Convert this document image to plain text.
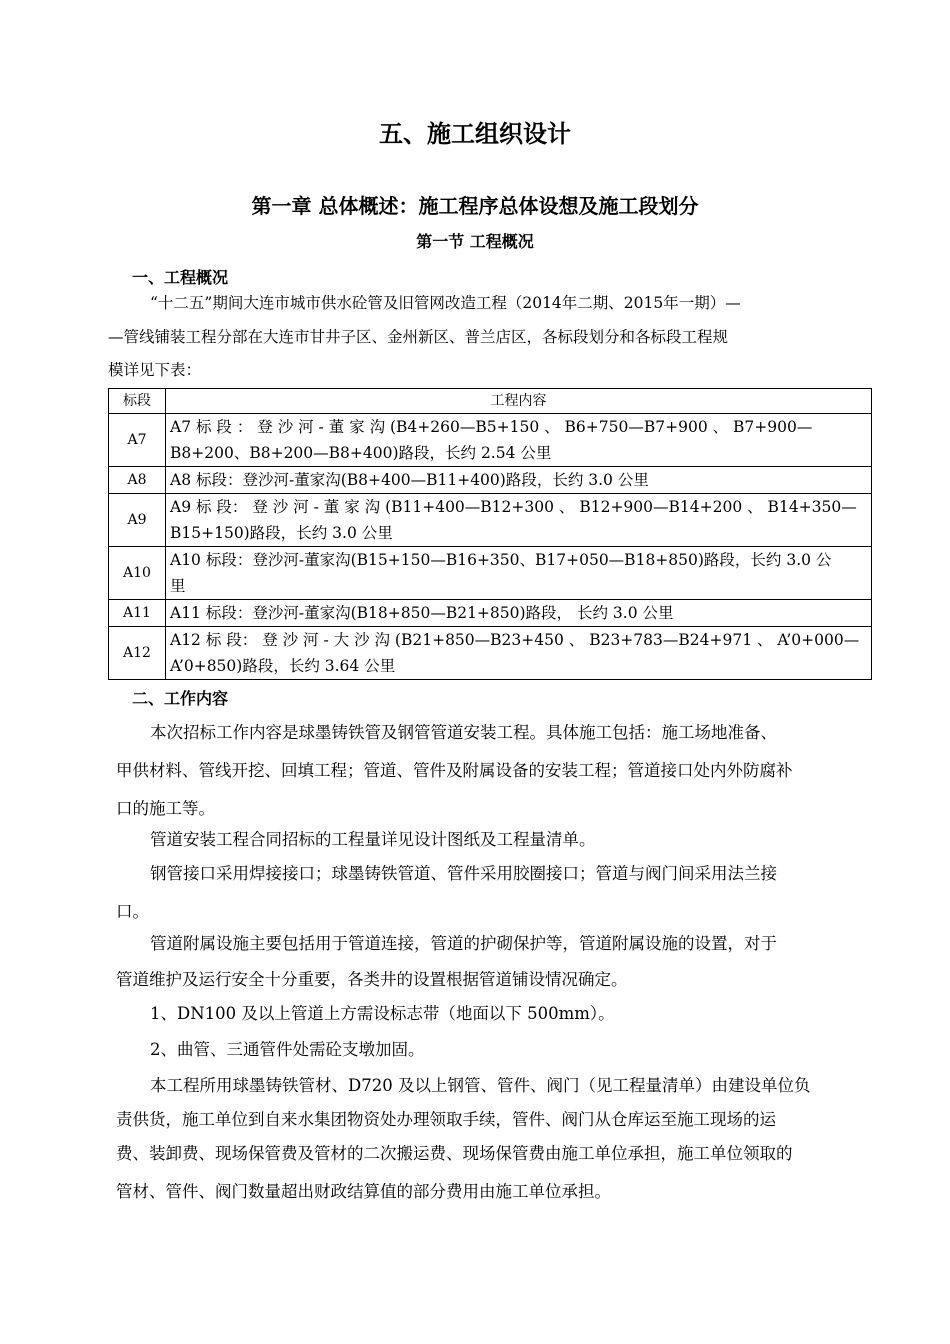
五、施工组织设计
第一章 总体概述：施工程序总体设想及施工段划分
第一节 工程概况
一、工程概况
“十二五”期间大连市城市供水砼管及旧管网改造工程（2014年二期、2015年一期）—
—管线铺装工程分部在大连市甘井子区、金州新区、普兰店区，各标段划分和各标段工程规
模详见下表：
标段	工程内容
A7	A7 标 段 ： 登 沙 河 - 董 家 沟 (B4+260—B5+150 、 B6+750—B7+900 、 B7+900—
B8+200、B8+200—B8+400)路段，长约 2.54 公里

A8	A8 标段：登沙河-董家沟(B8+400—B11+400)路段，长约 3.0 公里

A9	A9 标 段： 登 沙 河 - 董 家 沟 (B11+400—B12+300 、 B12+900—B14+200 、 B14+350—
B15+150)路段，长约 3.0 公里

A10	A10 标段：登沙河-董家沟(B15+150—B16+350、B17+050—B18+850)路段，长约 3.0 公
里

A11	A11 标段：登沙河-董家沟(B18+850—B21+850)路段， 长约 3.0 公里

A12	A12 标 段： 登 沙 河 - 大 沙 沟 (B21+850—B23+450 、 B23+783—B24+971 、 A’0+000—
A’0+850)路段，长约 3.64 公里
二、工作内容
本次招标工作内容是球墨铸铁管及钢管管道安装工程。具体施工包括：施工场地准备、
甲供材料、管线开挖、回填工程；管道、管件及附属设备的安装工程；管道接口处内外防腐补
口的施工等。
管道安装工程合同招标的工程量详见设计图纸及工程量清单。
钢管接口采用焊接接口；球墨铸铁管道、管件采用胶圈接口；管道与阀门间采用法兰接
口。
管道附属设施主要包括用于管道连接，管道的护砌保护等，管道附属设施的设置，对于
管道维护及运行安全十分重要，各类井的设置根据管道铺设情况确定。
1、DN100 及以上管道上方需设标志带（地面以下 500mm）。
2、曲管、三通管件处需砼支墩加固。
本工程所用球墨铸铁管材、D720 及以上钢管、管件、阀门（见工程量清单）由建设单位负
责供货，施工单位到自来水集团物资处办理领取手续，管件、阀门从仓库运至施工现场的运
费、装卸费、现场保管费及管材的二次搬运费、现场保管费由施工单位承担，施工单位领取的
管材、管件、阀门数量超出财政结算值的部分费用由施工单位承担。
